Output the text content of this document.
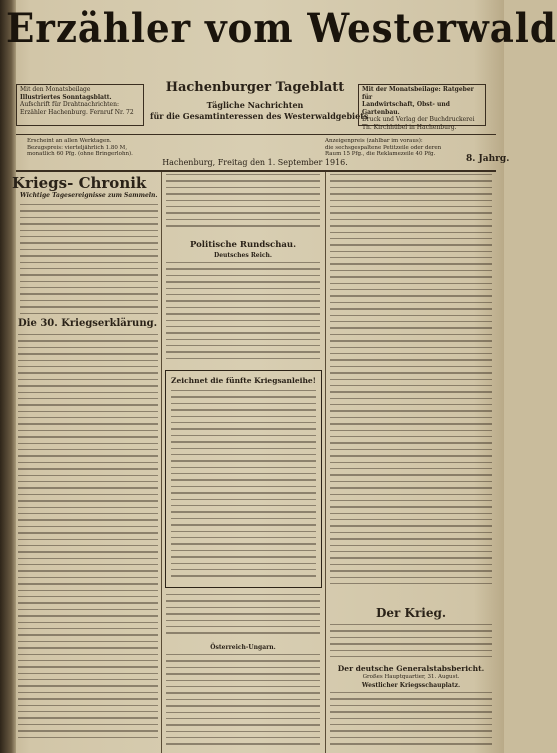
Erzähler vom Westerwald
Mit den Monatsbeilage
Illustriertes Sonntagsblatt.
Aufschrift für Drahtnachrichten:
Erzähler Hachenburg. Fernruf Nr. 72
Hachenburger Tageblatt
Tägliche Nachrichten
für die Gesamtinteressen des Westerwaldgebiets
Mit der Monatsbeilage: Ratgeber für
Landwirtschaft, Obst- und Gartenbau.
Druck und Verlag der Buchdruckerei
Th. Kirchhübel in Hachenburg.
Erscheint an allen Werktagen.
Bezugspreis: vierteljährlich 1.80 M,
monatlich 60 Pfg. (ohne Bringerlohn).
Hachenburg, Freitag den 1. September 1916.
Anzeigenpreis (zahlbar im voraus):
die sechsgespaltene Petitzeile oder deren
Raum 15 Pfg., die Reklamezeile 40 Pfg.	8. Jahrg.
Kriegs- Chronik
Wichtige Tagesereignisse zum Sammeln.
Die 30. Kriegserklärung.
Politische Rundschau.
Deutsches Reich.
Zeichnet die fünfte Kriegsanleihe!
Österreich-Ungarn.
Der Krieg.
Der deutsche Generalstabsbericht.
Großes Hauptquartier, 31. August.
Westlicher Kriegsschauplatz.
